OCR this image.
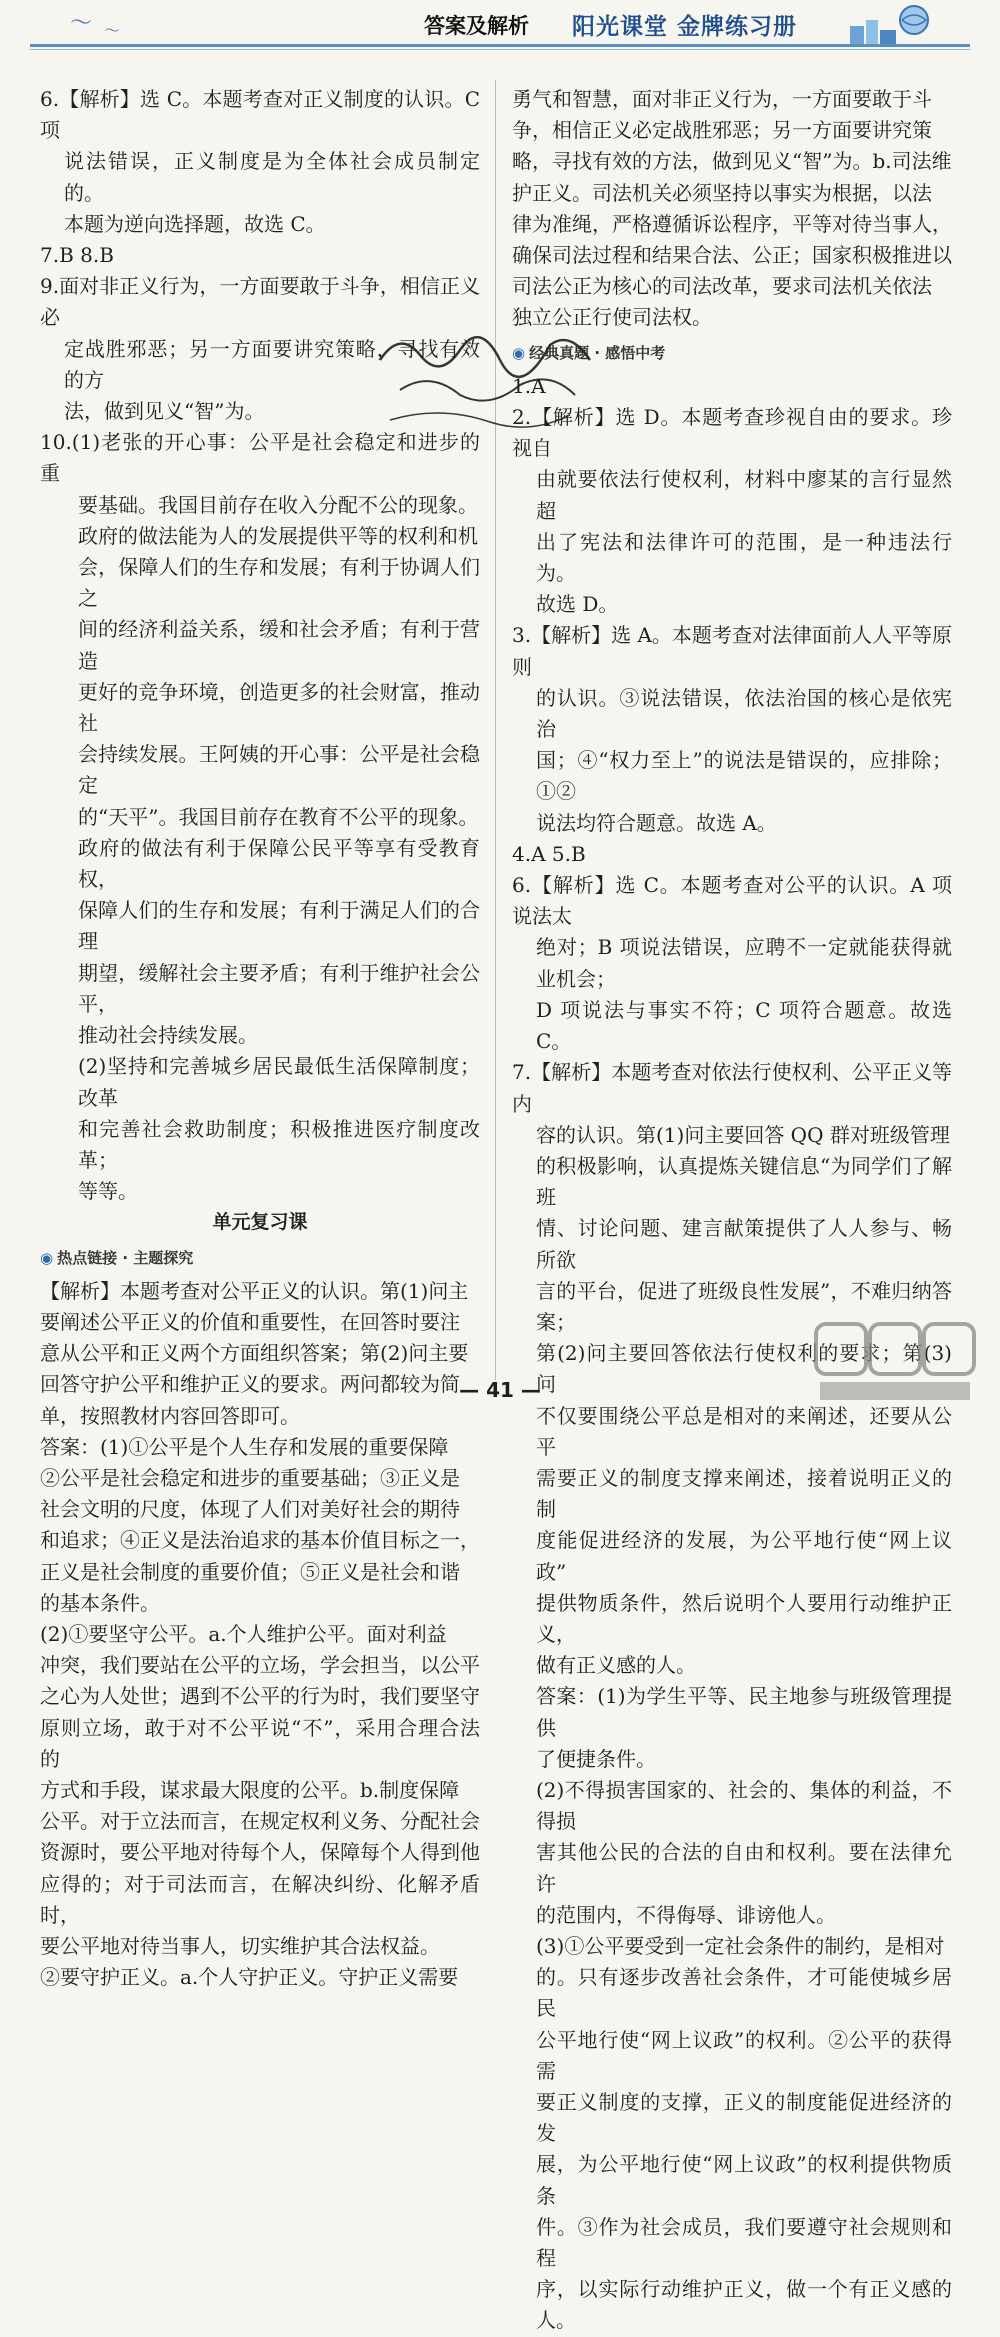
〜 〜	答案及解析 阳光课堂 金牌练习册

6.【解析】选 C。本题考查对正义制度的认识。C 项

说法错误，正义制度是为全体社会成员制定的。

本题为逆向选择题，故选 C。

7.B 8.B

9.面对非正义行为，一方面要敢于斗争，相信正义必

定战胜邪恶；另一方面要讲究策略，寻找有效的方

法，做到见义“智”为。

10.(1)老张的开心事：公平是社会稳定和进步的重

要基础。我国目前存在收入分配不公的现象。

政府的做法能为人的发展提供平等的权利和机

会，保障人们的生存和发展；有利于协调人们之

间的经济利益关系，缓和社会矛盾；有利于营造

更好的竞争环境，创造更多的社会财富，推动社

会持续发展。王阿姨的开心事：公平是社会稳定

的“天平”。我国目前存在教育不公平的现象。

政府的做法有利于保障公民平等享有受教育权，

保障人们的生存和发展；有利于满足人们的合理

期望，缓解社会主要矛盾；有利于维护社会公平，

推动社会持续发展。

(2)坚持和完善城乡居民最低生活保障制度；改革

和完善社会救助制度；积极推进医疗制度改革；

等等。

单元复习课

◉ 热点链接 · 主题探究

【解析】本题考查对公平正义的认识。第(1)问主

要阐述公平正义的价值和重要性，在回答时要注

意从公平和正义两个方面组织答案；第(2)问主要

回答守护公平和维护正义的要求。两问都较为简

单，按照教材内容回答即可。

答案：(1)①公平是个人生存和发展的重要保障

②公平是社会稳定和进步的重要基础；③正义是

社会文明的尺度，体现了人们对美好社会的期待

和追求；④正义是法治追求的基本价值目标之一，

正义是社会制度的重要价值；⑤正义是社会和谐

的基本条件。

(2)①要坚守公平。a.个人维护公平。面对利益

冲突，我们要站在公平的立场，学会担当，以公平

之心为人处世；遇到不公平的行为时，我们要坚守

原则立场，敢于对不公平说“不”，采用合理合法的

方式和手段，谋求最大限度的公平。b.制度保障

公平。对于立法而言，在规定权利义务、分配社会

资源时，要公平地对待每个人，保障每个人得到他

应得的；对于司法而言，在解决纠纷、化解矛盾时，

要公平地对待当事人，切实维护其合法权益。

②要守护正义。a.个人守护正义。守护正义需要

勇气和智慧，面对非正义行为，一方面要敢于斗

争，相信正义必定战胜邪恶；另一方面要讲究策

略，寻找有效的方法，做到见义“智”为。b.司法维

护正义。司法机关必须坚持以事实为根据，以法

律为准绳，严格遵循诉讼程序，平等对待当事人，

确保司法过程和结果合法、公正；国家积极推进以

司法公正为核心的司法改革，要求司法机关依法

独立公正行使司法权。

◉ 经典真题 · 感悟中考

1.A

2.【解析】选 D。本题考查珍视自由的要求。珍视自

由就要依法行使权利，材料中廖某的言行显然超

出了宪法和法律许可的范围，是一种违法行为。

故选 D。

3.【解析】选 A。本题考查对法律面前人人平等原则

的认识。③说法错误，依法治国的核心是依宪治

国；④“权力至上”的说法是错误的，应排除；①②

说法均符合题意。故选 A。

4.A 5.B

6.【解析】选 C。本题考查对公平的认识。A 项说法太

绝对；B 项说法错误，应聘不一定就能获得就业机会；

D 项说法与事实不符；C 项符合题意。故选 C。

7.【解析】本题考查对依法行使权利、公平正义等内

容的认识。第(1)问主要回答 QQ 群对班级管理

的积极影响，认真提炼关键信息“为同学们了解班

情、讨论问题、建言献策提供了人人参与、畅所欲

言的平台，促进了班级良性发展”，不难归纳答案；

第(2)问主要回答依法行使权利的要求；第(3)问

不仅要围绕公平总是相对的来阐述，还要从公平

需要正义的制度支撑来阐述，接着说明正义的制

度能促进经济的发展，为公平地行使“网上议政”

提供物质条件，然后说明个人要用行动维护正义，

做有正义感的人。

答案：(1)为学生平等、民主地参与班级管理提供

了便捷条件。

(2)不得损害国家的、社会的、集体的利益，不得损

害其他公民的合法的自由和权利。要在法律允许

的范围内，不得侮辱、诽谤他人。

(3)①公平要受到一定社会条件的制约，是相对

的。只有逐步改善社会条件，才可能使城乡居民

公平地行使“网上议政”的权利。②公平的获得需

要正义制度的支撑，正义的制度能促进经济的发

展，为公平地行使“网上议政”的权利提供物质条

件。③作为社会成员，我们要遵守社会规则和程

序，以实际行动维护正义，做一个有正义感的人。

— 41 —
